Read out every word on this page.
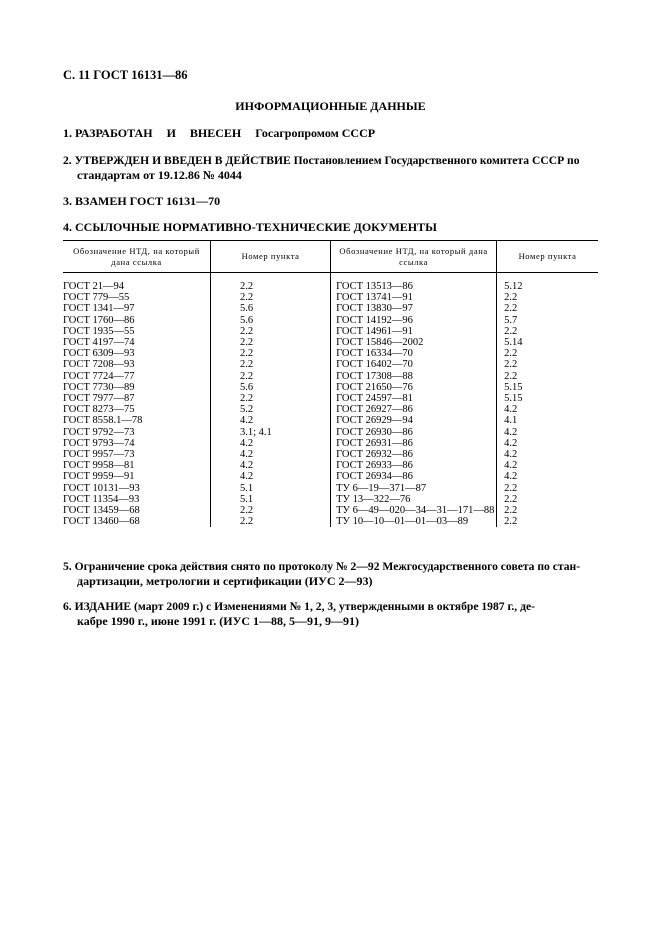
С. 11 ГОСТ 16131—86
ИНФОРМАЦИОННЫЕ ДАННЫЕ
1. РАЗРАБОТАН И ВНЕСЕН Госагропромом СССР
2. УТВЕРЖДЕН И ВВЕДЕН В ДЕЙСТВИЕ Постановлением Государственного комитета СССР по
стандартам от 19.12.86 № 4044
3. ВЗАМЕН ГОСТ 16131—70
4. ССЫЛОЧНЫЕ НОРМАТИВНО-ТЕХНИЧЕСКИЕ ДОКУМЕНТЫ
Обозначение НТД, на который дана ссылка	Номер пункта	Обозначение НТД, на который дана ссылка	Номер пункта
ГОСТ 21—94	2.2	ГОСТ 13513—86	5.12
ГОСТ 779—55	2.2	ГОСТ 13741—91	2.2
ГОСТ 1341—97	5.6	ГОСТ 13830—97	2.2
ГОСТ 1760—86	5.6	ГОСТ 14192—96	5.7
ГОСТ 1935—55	2.2	ГОСТ 14961—91	2.2
ГОСТ 4197—74	2.2	ГОСТ 15846—2002	5.14
ГОСТ 6309—93	2.2	ГОСТ 16334—70	2.2
ГОСТ 7208—93	2.2	ГОСТ 16402—70	2.2
ГОСТ 7724—77	2.2	ГОСТ 17308—88	2.2
ГОСТ 7730—89	5.6	ГОСТ 21650—76	5.15
ГОСТ 7977—87	2.2	ГОСТ 24597—81	5.15
ГОСТ 8273—75	5.2	ГОСТ 26927—86	4.2
ГОСТ 8558.1—78	4.2	ГОСТ 26929—94	4.1
ГОСТ 9792—73	3.1; 4.1	ГОСТ 26930—86	4.2
ГОСТ 9793—74	4.2	ГОСТ 26931—86	4.2
ГОСТ 9957—73	4.2	ГОСТ 26932—86	4.2
ГОСТ 9958—81	4.2	ГОСТ 26933—86	4.2
ГОСТ 9959—91	4.2	ГОСТ 26934—86	4.2
ГОСТ 10131—93	5.1	ТУ 6—19—371—87	2.2
ГОСТ 11354—93	5.1	ТУ 13—322—76	2.2
ГОСТ 13459—68	2.2	ТУ 6—49—020—34—31—171—88	2.2
ГОСТ 13460—68	2.2	ТУ 10—10—01—01—03—89	2.2
5. Ограничение срока действия снято по протоколу № 2—92 Межгосударственного совета по стан-
дартизации, метрологии и сертификации (ИУС 2—93)
6. ИЗДАНИЕ (март 2009 г.) с Изменениями № 1, 2, 3, утвержденными в октябре 1987 г., де-
кабре 1990 г., июне 1991 г. (ИУС 1—88, 5—91, 9—91)
